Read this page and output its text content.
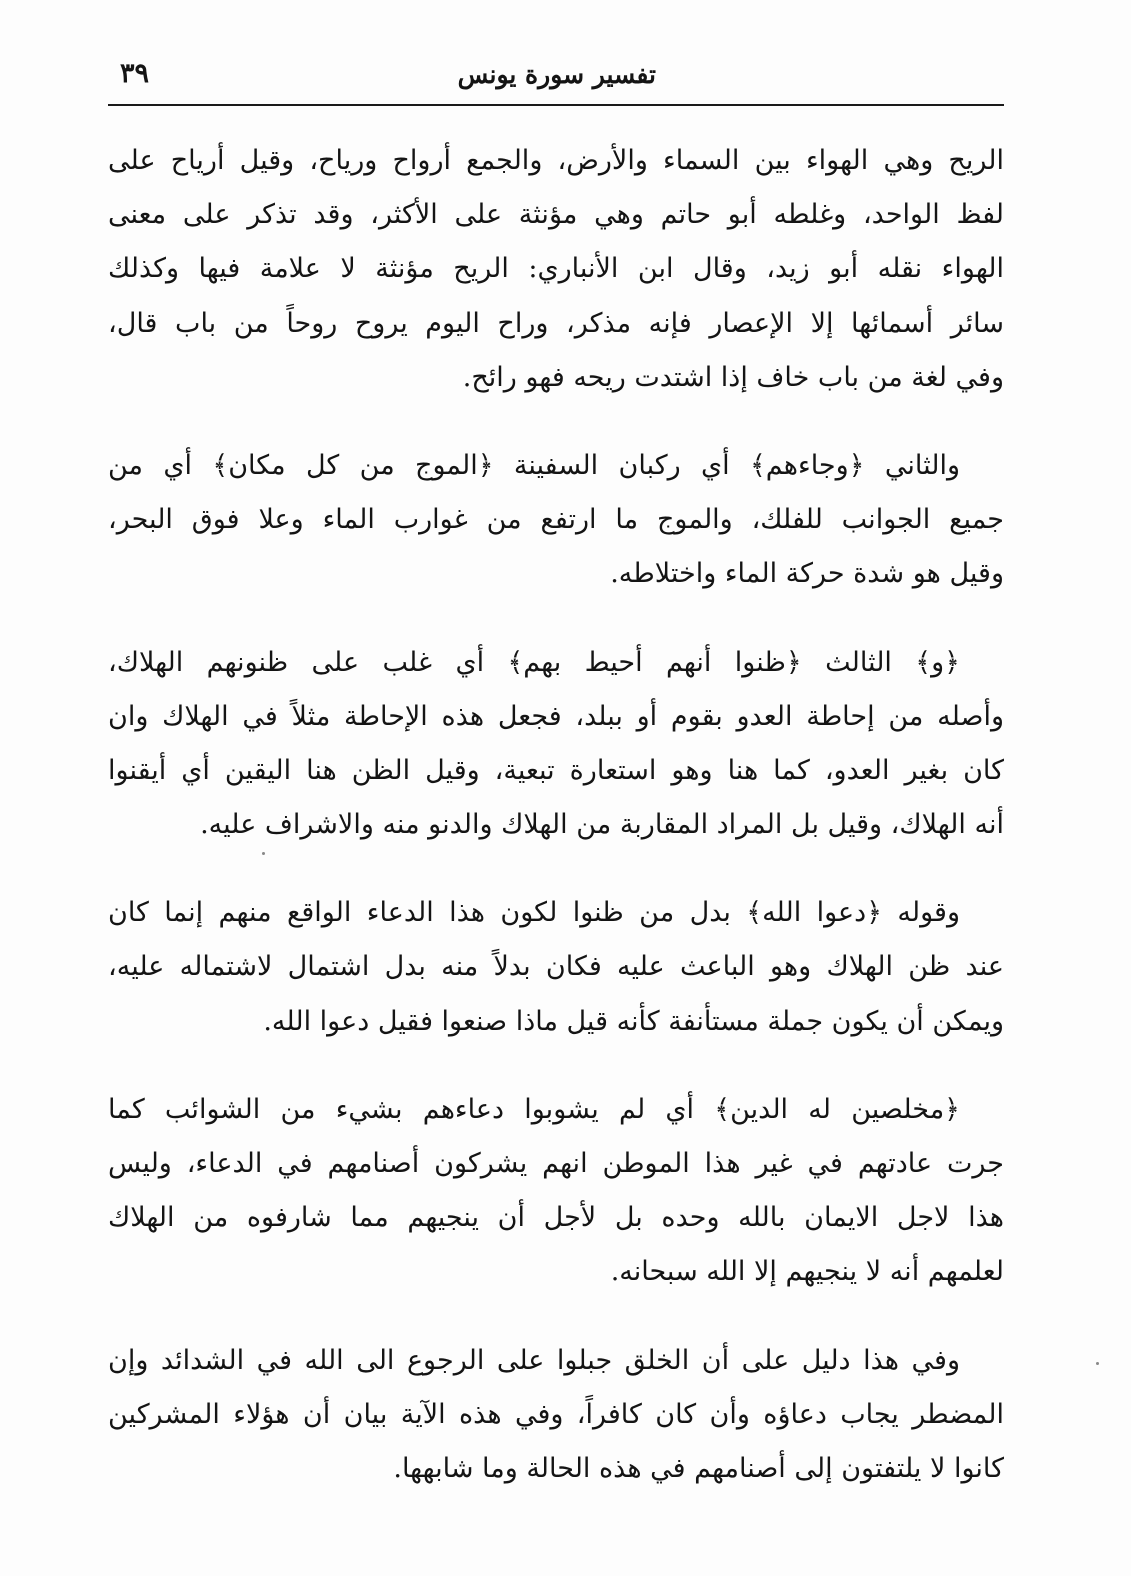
تفسير سورة يونس
٣٩
الريح وهي الهواء بين السماء والأرض، والجمع أرواح ورياح، وقيل أرياح على
لفظ الواحد، وغلطه أبو حاتم وهي مؤنثة على الأكثر، وقد تذكر على معنى
الهواء نقله أبو زيد، وقال ابن الأنباري: الريح مؤنثة لا علامة فيها وكذلك
سائر أسمائها إلا الإعصار فإنه مذكر، وراح اليوم يروح روحاً من باب قال،
وفي لغة من باب خاف إذا اشتدت ريحه فهو رائح.
والثاني ﴿وجاءهم﴾ أي ركبان السفينة ﴿الموج من كل مكان﴾ أي من
جميع الجوانب للفلك، والموج ما ارتفع من غوارب الماء وعلا فوق البحر،
وقيل هو شدة حركة الماء واختلاطه.
﴿و﴾ الثالث ﴿ظنوا أنهم أحيط بهم﴾ أي غلب على ظنونهم الهلاك،
وأصله من إحاطة العدو بقوم أو ببلد، فجعل هذه الإحاطة مثلاً في الهلاك وان
كان بغير العدو، كما هنا وهو استعارة تبعية، وقيل الظن هنا اليقين أي أيقنوا
أنه الهلاك، وقيل بل المراد المقاربة من الهلاك والدنو منه والاشراف عليه.
وقوله ﴿دعوا الله﴾ بدل من ظنوا لكون هذا الدعاء الواقع منهم إنما كان
عند ظن الهلاك وهو الباعث عليه فكان بدلاً منه بدل اشتمال لاشتماله عليه،
ويمكن أن يكون جملة مستأنفة كأنه قيل ماذا صنعوا فقيل دعوا الله.
﴿مخلصين له الدين﴾ أي لم يشوبوا دعاءهم بشيء من الشوائب كما
جرت عادتهم في غير هذا الموطن انهم يشركون أصنامهم في الدعاء، وليس
هذا لاجل الايمان بالله وحده بل لأجل أن ينجيهم مما شارفوه من الهلاك
لعلمهم أنه لا ينجيهم إلا الله سبحانه.
وفي هذا دليل على أن الخلق جبلوا على الرجوع الى الله في الشدائد وإن
المضطر يجاب دعاؤه وأن كان كافراً، وفي هذه الآية بيان أن هؤلاء المشركين
كانوا لا يلتفتون إلى أصنامهم في هذه الحالة وما شابهها.
